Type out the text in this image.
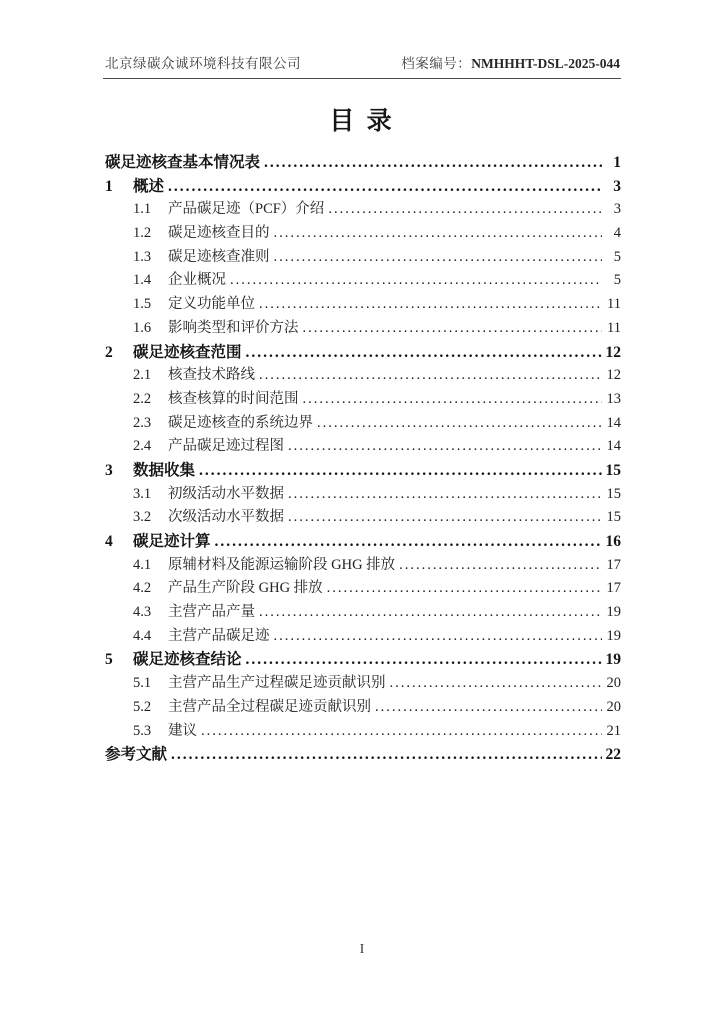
北京绿碳众诚环境科技有限公司	档案编号：NMHHHT-DSL-2025-044
目 录
碳足迹核查基本情况表 .....	1
1	概述 .....	3
1.1	产品碳足迹（PCF）介绍 .....	3
1.2	碳足迹核查目的 .....	4
1.3	碳足迹核查准则 .....	5
1.4	企业概况 .....	5
1.5	定义功能单位 .....	11
1.6	影响类型和评价方法 .....	11
2	碳足迹核查范围 .....	12
2.1	核查技术路线 .....	12
2.2	核查核算的时间范围 .....	13
2.3	碳足迹核查的系统边界 .....	14
2.4	产品碳足迹过程图 .....	14
3	数据收集 .....	15
3.1	初级活动水平数据 .....	15
3.2	次级活动水平数据 .....	15
4	碳足迹计算 .....	16
4.1	原辅材料及能源运输阶段 GHG 排放 .....	17
4.2	产品生产阶段 GHG 排放 .....	17
4.3	主营产品产量 .....	19
4.4	主营产品碳足迹 .....	19
5	碳足迹核查结论 .....	19
5.1	主营产品生产过程碳足迹贡献识别 .....	20
5.2	主营产品全过程碳足迹贡献识别 .....	20
5.3	建议 .....	21
参考文献 .....	22
I
